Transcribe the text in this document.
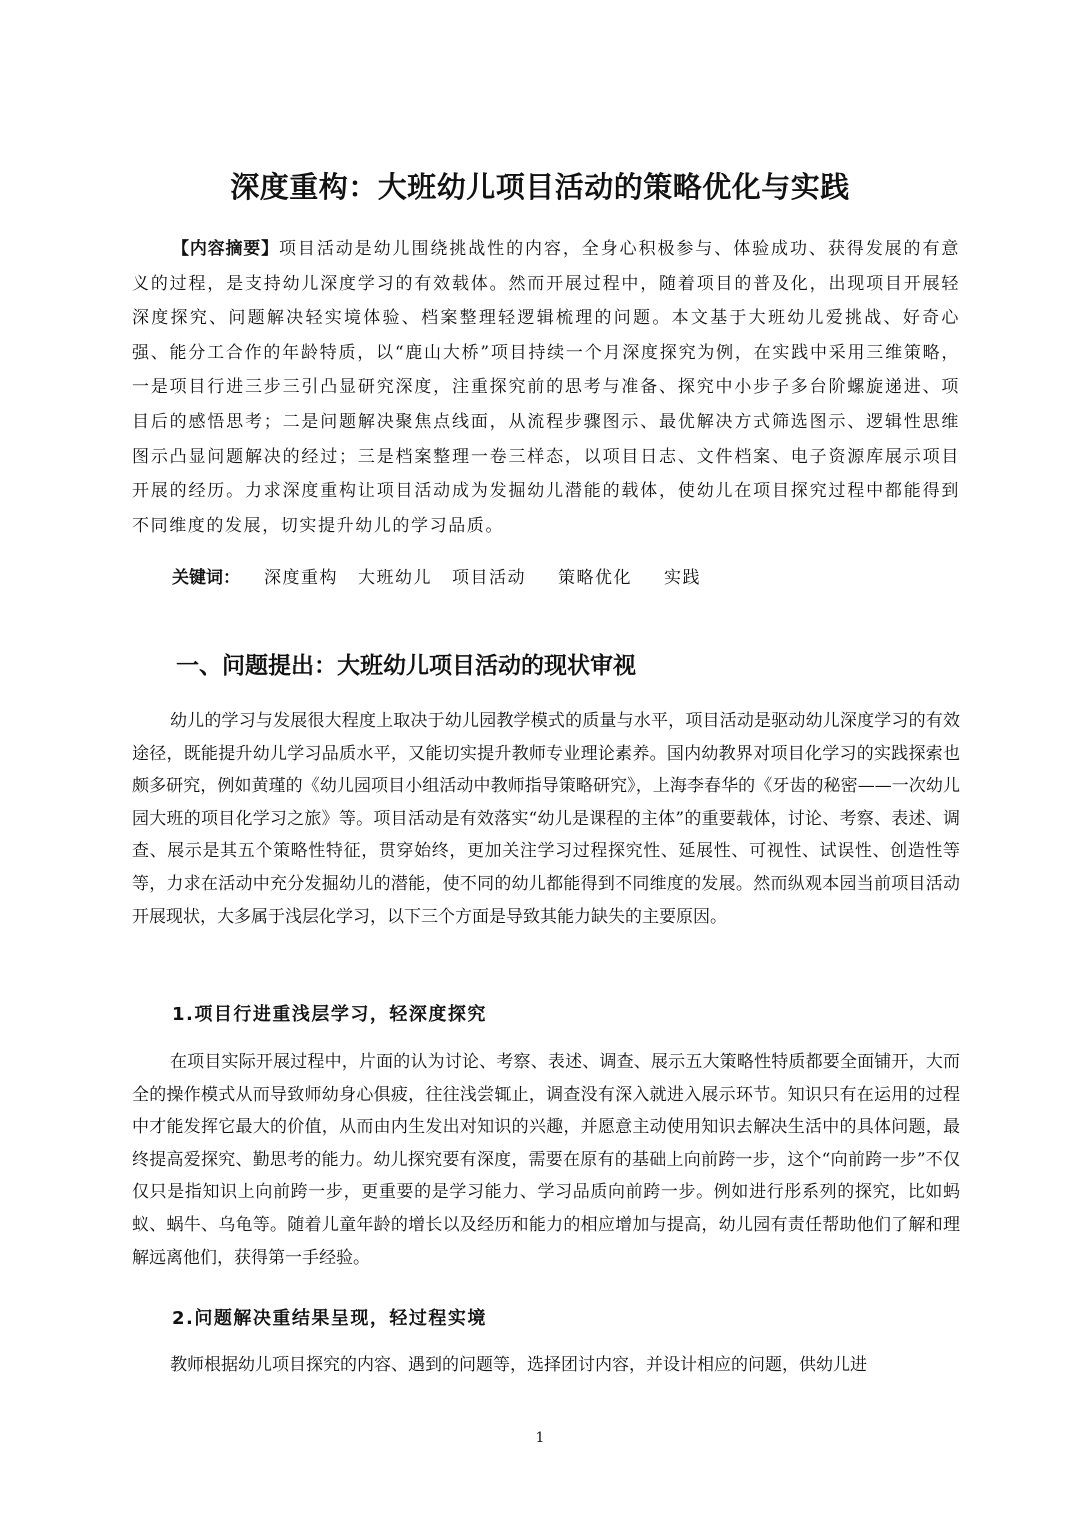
深度重构：大班幼儿项目活动的策略优化与实践

【内容摘要】项目活动是幼儿围绕挑战性的内容，全身心积极参与、体验成功、获得发展的有意义的过程，是支持幼儿深度学习的有效载体。然而开展过程中，随着项目的普及化，出现项目开展轻深度探究、问题解决轻实境体验、档案整理轻逻辑梳理的问题。本文基于大班幼儿爱挑战、好奇心强、能分工合作的年龄特质，以“鹿山大桥”项目持续一个月深度探究为例，在实践中采用三维策略，一是项目行进三步三引凸显研究深度，注重探究前的思考与准备、探究中小步子多台阶螺旋递进、项目后的感悟思考；二是问题解决聚焦点线面，从流程步骤图示、最优解决方式筛选图示、逻辑性思维图示凸显问题解决的经过；三是档案整理一卷三样态，以项目日志、文件档案、电子资源库展示项目开展的经历。力求深度重构让项目活动成为发掘幼儿潜能的载体，使幼儿在项目探究过程中都能得到不同维度的发展，切实提升幼儿的学习品质。

关键词： 深度重构 大班幼儿 项目活动 策略优化 实践
一、问题提出：大班幼儿项目活动的现状审视

幼儿的学习与发展很大程度上取决于幼儿园教学模式的质量与水平，项目活动是驱动幼儿深度学习的有效途径，既能提升幼儿学习品质水平，又能切实提升教师专业理论素养。国内幼教界对项目化学习的实践探索也颇多研究，例如黄瑾的《幼儿园项目小组活动中教师指导策略研究》，上海李春华的《牙齿的秘密——一次幼儿园大班的项目化学习之旅》等。项目活动是有效落实“幼儿是课程的主体”的重要载体，讨论、考察、表述、调查、展示是其五个策略性特征，贯穿始终，更加关注学习过程探究性、延展性、可视性、试误性、创造性等等，力求在活动中充分发掘幼儿的潜能，使不同的幼儿都能得到不同维度的发展。然而纵观本园当前项目活动开展现状，大多属于浅层化学习，以下三个方面是导致其能力缺失的主要原因。

1.项目行进重浅层学习，轻深度探究

在项目实际开展过程中，片面的认为讨论、考察、表述、调查、展示五大策略性特质都要全面铺开，大而全的操作模式从而导致师幼身心俱疲，往往浅尝辄止，调查没有深入就进入展示环节。知识只有在运用的过程中才能发挥它最大的价值，从而由内生发出对知识的兴趣，并愿意主动使用知识去解决生活中的具体问题，最终提高爱探究、勤思考的能力。幼儿探究要有深度，需要在原有的基础上向前跨一步，这个“向前跨一步”不仅仅只是指知识上向前跨一步，更重要的是学习能力、学习品质向前跨一步。例如进行彤系列的探究，比如蚂蚁、蜗牛、乌龟等。随着儿童年龄的增长以及经历和能力的相应增加与提高，幼儿园有责任帮助他们了解和理解远离他们，获得第一手经验。

2.问题解决重结果呈现，轻过程实境

教师根据幼儿项目探究的内容、遇到的问题等，选择团讨内容，并设计相应的问题，供幼儿进

1
